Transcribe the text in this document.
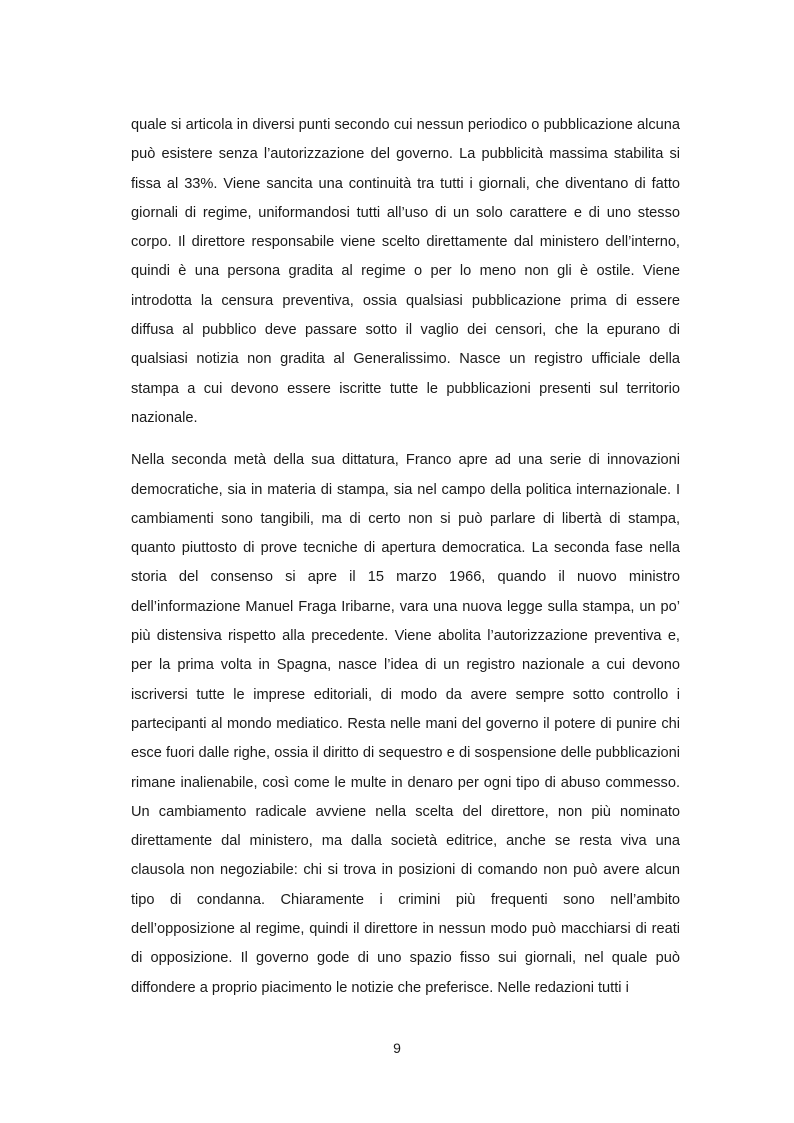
quale si articola in diversi punti secondo cui nessun periodico o pubblicazione alcuna può esistere senza l’autorizzazione del governo. La pubblicità massima stabilita si fissa al 33%. Viene sancita una continuità tra tutti i giornali, che diventano di fatto giornali di regime, uniformandosi tutti all’uso di un solo carattere e di uno stesso corpo. Il direttore responsabile viene scelto direttamente dal ministero dell’interno, quindi è una persona gradita al regime o per lo meno non gli è ostile. Viene introdotta la censura preventiva, ossia qualsiasi pubblicazione prima di essere diffusa al pubblico deve passare sotto il vaglio dei censori, che la epurano di qualsiasi notizia non gradita al Generalissimo. Nasce un registro ufficiale della stampa a cui devono essere iscritte tutte le pubblicazioni presenti sul territorio nazionale.

Nella seconda metà della sua dittatura, Franco apre ad una serie di innovazioni democratiche, sia in materia di stampa, sia nel campo della politica internazionale. I cambiamenti sono tangibili, ma di certo non si può parlare di libertà di stampa, quanto piuttosto di prove tecniche di apertura democratica. La seconda fase nella storia del consenso si apre il 15 marzo 1966, quando il nuovo ministro dell’informazione Manuel Fraga Iribarne, vara una nuova legge sulla stampa, un po’ più distensiva rispetto alla precedente. Viene abolita l’autorizzazione preventiva e, per la prima volta in Spagna, nasce l’idea di un registro nazionale a cui devono iscriversi tutte le imprese editoriali, di modo da avere sempre sotto controllo i partecipanti al mondo mediatico. Resta nelle mani del governo il potere di punire chi esce fuori dalle righe, ossia il diritto di sequestro e di sospensione delle pubblicazioni rimane inalienabile, così come le multe in denaro per ogni tipo di abuso commesso. Un cambiamento radicale avviene nella scelta del direttore, non più nominato direttamente dal ministero, ma dalla società editrice, anche se resta viva una clausola non negoziabile: chi si trova in posizioni di comando non può avere alcun tipo di condanna. Chiaramente i crimini più frequenti sono nell’ambito dell’opposizione al regime, quindi il direttore in nessun modo può macchiarsi di reati di opposizione. Il governo gode di uno spazio fisso sui giornali, nel quale può diffondere a proprio piacimento le notizie che preferisce. Nelle redazioni tutti i

9
